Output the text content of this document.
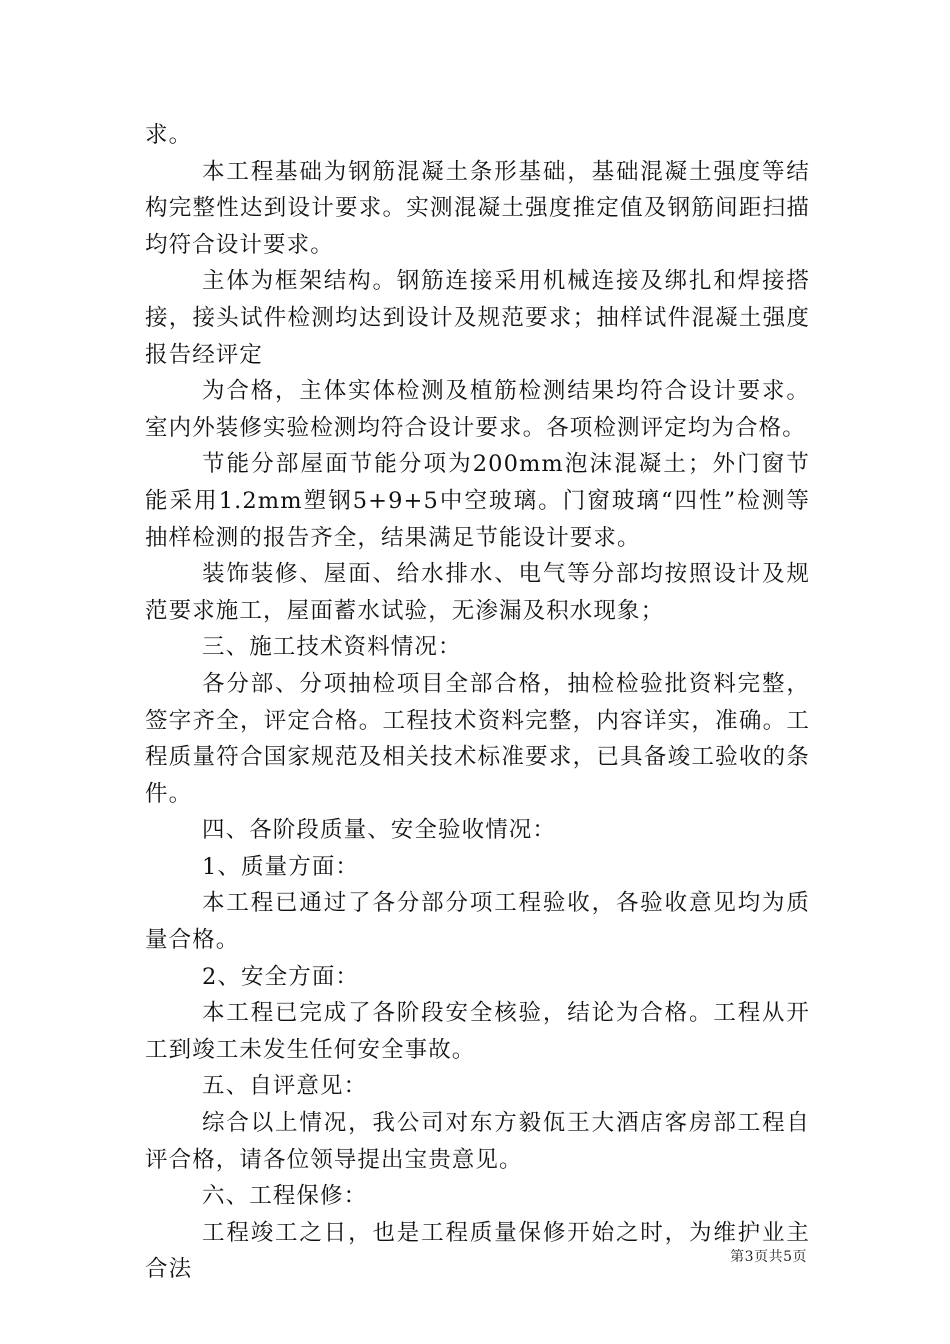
求。

本工程基础为钢筋混凝土条形基础，基础混凝土强度等结构完整性达到设计要求。实测混凝土强度推定值及钢筋间距扫描均符合设计要求。

主体为框架结构。钢筋连接采用机械连接及绑扎和焊接搭接，接头试件检测均达到设计及规范要求；抽样试件混凝土强度报告经评定

为合格，主体实体检测及植筋检测结果均符合设计要求。室内外装修实验检测均符合设计要求。各项检测评定均为合格。

节能分部屋面节能分项为200mm泡沫混凝土；外门窗节能采用1.2mm塑钢5+9+5中空玻璃。门窗玻璃“四性”检测等抽样检测的报告齐全，结果满足节能设计要求。

装饰装修、屋面、给水排水、电气等分部均按照设计及规范要求施工，屋面蓄水试验，无渗漏及积水现象；

三、施工技术资料情况：

各分部、分项抽检项目全部合格，抽检检验批资料完整，签字齐全，评定合格。工程技术资料完整，内容详实，准确。工程质量符合国家规范及相关技术标准要求，已具备竣工验收的条件。

四、各阶段质量、安全验收情况：

1、质量方面：

本工程已通过了各分部分项工程验收，各验收意见均为质量合格。

2、安全方面：

本工程已完成了各阶段安全核验，结论为合格。工程从开工到竣工未发生任何安全事故。

五、自评意见：

综合以上情况，我公司对东方毅佤王大酒店客房部工程自评合格，请各位领导提出宝贵意见。

六、工程保修：

工程竣工之日，也是工程质量保修开始之时，为维护业主合法	第3页共5页
